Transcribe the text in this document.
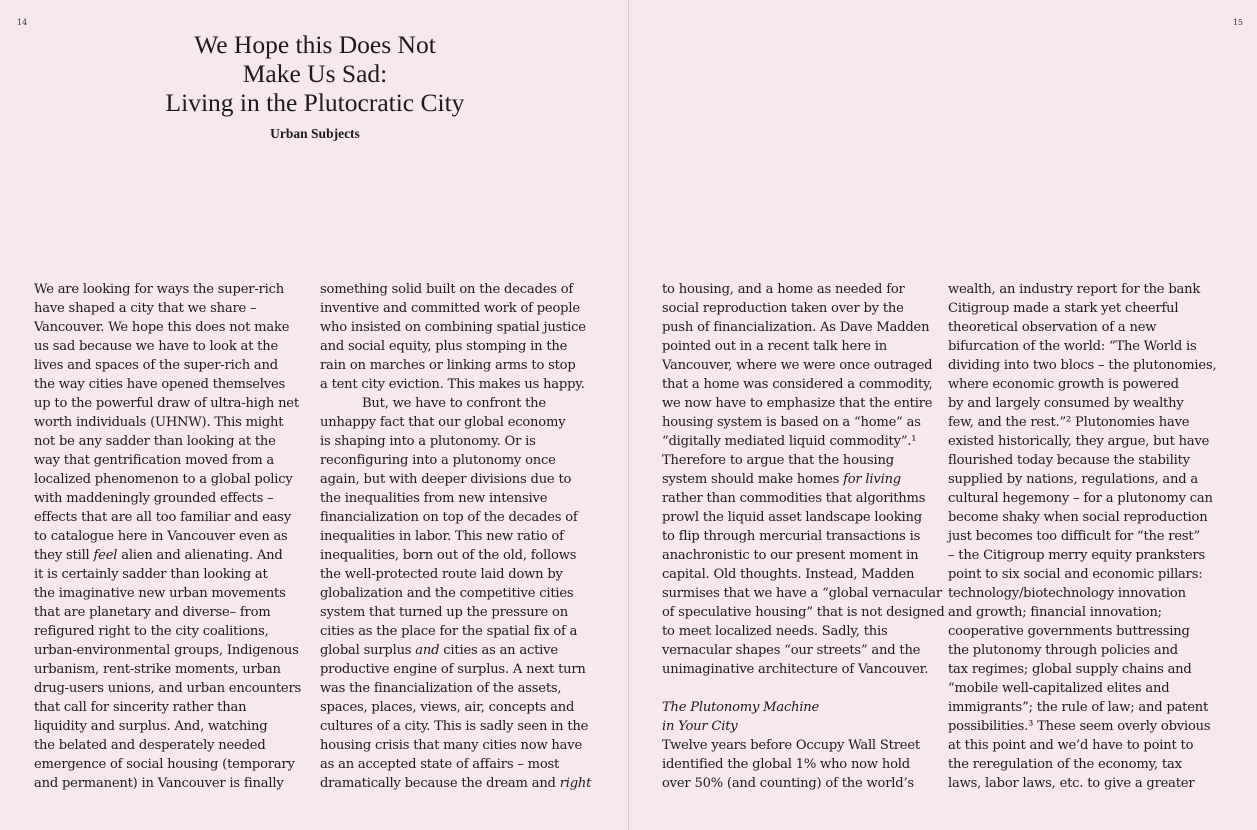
14
We Hope this Does Not
Make Us Sad:
Living in the Plutocratic City
Urban Subjects
We are looking for ways the super-rich
have shaped a city that we share –
Vancouver. We hope this does not make
us sad because we have to look at the
lives and spaces of the super-rich and
the way cities have opened themselves
up to the powerful draw of ultra-high net
worth individuals (UHNW). This might
not be any sadder than looking at the
way that gentrification moved from a
localized phenomenon to a global policy
with maddeningly grounded effects –
effects that are all too familiar and easy
to catalogue here in Vancouver even as
they still feel alien and alienating. And
it is certainly sadder than looking at
the imaginative new urban movements
that are planetary and diverse– from
refigured right to the city coalitions,
urban-environmental groups, Indigenous
urbanism, rent-strike moments, urban
drug-users unions, and urban encounters
that call for sincerity rather than
liquidity and surplus. And, watching
the belated and desperately needed
emergence of social housing (temporary
and permanent) in Vancouver is finally
something solid built on the decades of
inventive and committed work of people
who insisted on combining spatial justice
and social equity, plus stomping in the
rain on marches or linking arms to stop
a tent city eviction. This makes us happy.
But, we have to confront the
unhappy fact that our global economy
is shaping into a plutonomy. Or is
reconfiguring into a plutonomy once
again, but with deeper divisions due to
the inequalities from new intensive
financialization on top of the decades of
inequalities in labor. This new ratio of
inequalities, born out of the old, follows
the well-protected route laid down by
globalization and the competitive cities
system that turned up the pressure on
cities as the place for the spatial fix of a
global surplus and cities as an active
productive engine of surplus. A next turn
was the financialization of the assets,
spaces, places, views, air, concepts and
cultures of a city. This is sadly seen in the
housing crisis that many cities now have
as an accepted state of affairs – most
dramatically because the dream and right
15
to housing, and a home as needed for
social reproduction taken over by the
push of financialization. As Dave Madden
pointed out in a recent talk here in
Vancouver, where we were once outraged
that a home was considered a commodity,
we now have to emphasize that the entire
housing system is based on a “home” as
“digitally mediated liquid commodity”.¹
Therefore to argue that the housing
system should make homes for living
rather than commodities that algorithms
prowl the liquid asset landscape looking
to flip through mercurial transactions is
anachronistic to our present moment in
capital. Old thoughts. Instead, Madden
surmises that we have a “global vernacular
of speculative housing” that is not designed
to meet localized needs. Sadly, this
vernacular shapes “our streets” and the
unimaginative architecture of Vancouver.
The Plutonomy Machine
in Your City
Twelve years before Occupy Wall Street
identified the global 1% who now hold
over 50% (and counting) of the world’s
wealth, an industry report for the bank
Citigroup made a stark yet cheerful
theoretical observation of a new
bifurcation of the world: “The World is
dividing into two blocs – the plutonomies,
where economic growth is powered
by and largely consumed by wealthy
few, and the rest.”² Plutonomies have
existed historically, they argue, but have
flourished today because the stability
supplied by nations, regulations, and a
cultural hegemony – for a plutonomy can
become shaky when social reproduction
just becomes too difficult for “the rest”
– the Citigroup merry equity pranksters
point to six social and economic pillars:
technology/biotechnology innovation
and growth; financial innovation;
cooperative governments buttressing
the plutonomy through policies and
tax regimes; global supply chains and
“mobile well-capitalized elites and
immigrants”; the rule of law; and patent
possibilities.³ These seem overly obvious
at this point and we’d have to point to
the reregulation of the economy, tax
laws, labor laws, etc. to give a greater
